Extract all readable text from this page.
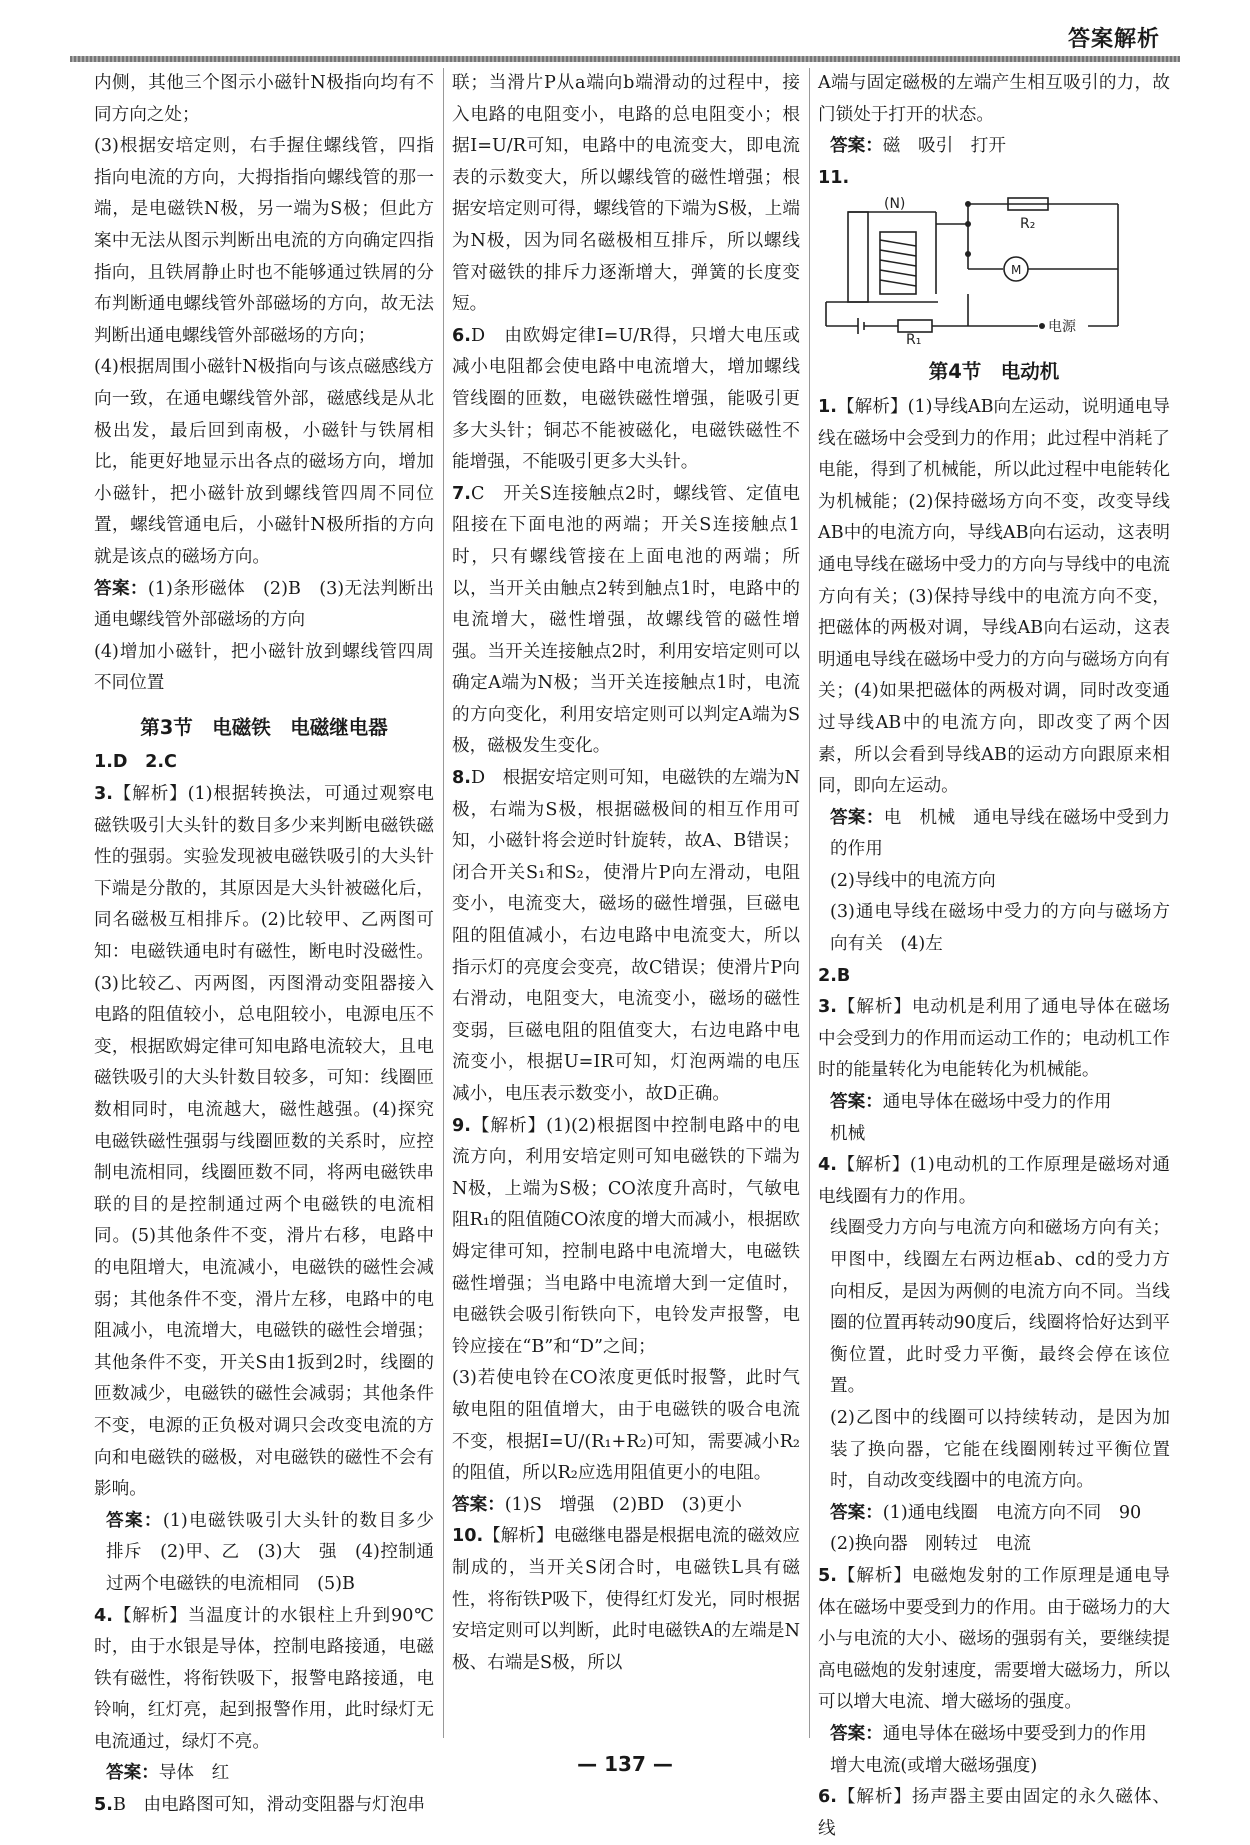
答案解析

内侧，其他三个图示小磁针N极指向均有不同方向之处；

(3)根据安培定则，右手握住螺线管，四指指向电流的方向，大拇指指向螺线管的那一端，是电磁铁N极，另一端为S极；但此方案中无法从图示判断出电流的方向确定四指指向，且铁屑静止时也不能够通过铁屑的分布判断通电螺线管外部磁场的方向，故无法判断出通电螺线管外部磁场的方向；

(4)根据周围小磁针N极指向与该点磁感线方向一致，在通电螺线管外部，磁感线是从北极出发，最后回到南极，小磁针与铁屑相比，能更好地显示出各点的磁场方向，增加小磁针，把小磁针放到螺线管四周不同位置，螺线管通电后，小磁针N极所指的方向就是该点的磁场方向。

答案：(1)条形磁体　(2)B　(3)无法判断出通电螺线管外部磁场的方向

(4)增加小磁针，把小磁针放到螺线管四周不同位置

第3节　电磁铁　电磁继电器

1.D　2.C

3.【解析】(1)根据转换法，可通过观察电磁铁吸引大头针的数目多少来判断电磁铁磁性的强弱。实验发现被电磁铁吸引的大头针下端是分散的，其原因是大头针被磁化后，同名磁极互相排斥。(2)比较甲、乙两图可知：电磁铁通电时有磁性，断电时没磁性。(3)比较乙、丙两图，丙图滑动变阻器接入电路的阻值较小，总电阻较小，电源电压不变，根据欧姆定律可知电路电流较大，且电磁铁吸引的大头针数目较多，可知：线圈匝数相同时，电流越大，磁性越强。(4)探究电磁铁磁性强弱与线圈匝数的关系时，应控制电流相同，线圈匝数不同，将两电磁铁串联的目的是控制通过两个电磁铁的电流相同。(5)其他条件不变，滑片右移，电路中的电阻增大，电流减小，电磁铁的磁性会减弱；其他条件不变，滑片左移，电路中的电阻减小，电流增大，电磁铁的磁性会增强；其他条件不变，开关S由1扳到2时，线圈的匝数减少，电磁铁的磁性会减弱；其他条件不变，电源的正负极对调只会改变电流的方向和电磁铁的磁极，对电磁铁的磁性不会有影响。

答案：(1)电磁铁吸引大头针的数目多少　排斥　(2)甲、乙　(3)大　强　(4)控制通过两个电磁铁的电流相同　(5)B

4.【解析】当温度计的水银柱上升到90℃时，由于水银是导体，控制电路接通，电磁铁有磁性，将衔铁吸下，报警电路接通，电铃响，红灯亮，起到报警作用，此时绿灯无电流通过，绿灯不亮。

答案：导体　红

5.B　由电路图可知，滑动变阻器与灯泡串

联；当滑片P从a端向b端滑动的过程中，接入电路的电阻变小，电路的总电阻变小；根据I=U/R可知，电路中的电流变大，即电流表的示数变大，所以螺线管的磁性增强；根据安培定则可得，螺线管的下端为S极，上端为N极，因为同名磁极相互排斥，所以螺线管对磁铁的排斥力逐渐增大，弹簧的长度变短。

6.D　由欧姆定律I=U/R得，只增大电压或减小电阻都会使电路中电流增大，增加螺线管线圈的匝数，电磁铁磁性增强，能吸引更多大头针；铜芯不能被磁化，电磁铁磁性不能增强，不能吸引更多大头针。

7.C　开关S连接触点2时，螺线管、定值电阻接在下面电池的两端；开关S连接触点1时，只有螺线管接在上面电池的两端；所以，当开关由触点2转到触点1时，电路中的电流增大，磁性增强，故螺线管的磁性增强。当开关连接触点2时，利用安培定则可以确定A端为N极；当开关连接触点1时，电流的方向变化，利用安培定则可以判定A端为S极，磁极发生变化。

8.D　根据安培定则可知，电磁铁的左端为N极，右端为S极，根据磁极间的相互作用可知，小磁针将会逆时针旋转，故A、B错误；闭合开关S₁和S₂，使滑片P向左滑动，电阻变小，电流变大，磁场的磁性增强，巨磁电阻的阻值减小，右边电路中电流变大，所以指示灯的亮度会变亮，故C错误；使滑片P向右滑动，电阻变大，电流变小，磁场的磁性变弱，巨磁电阻的阻值变大，右边电路中电流变小，根据U=IR可知，灯泡两端的电压减小，电压表示数变小，故D正确。

9.【解析】(1)(2)根据图中控制电路中的电流方向，利用安培定则可知电磁铁的下端为N极，上端为S极；CO浓度升高时，气敏电阻R₁的阻值随CO浓度的增大而减小，根据欧姆定律可知，控制电路中电流增大，电磁铁磁性增强；当电路中电流增大到一定值时，电磁铁会吸引衔铁向下，电铃发声报警，电铃应接在“B”和“D”之间；

(3)若使电铃在CO浓度更低时报警，此时气敏电阻的阻值增大，由于电磁铁的吸合电流不变，根据I=U/(R₁+R₂)可知，需要减小R₂的阻值，所以R₂应选用阻值更小的电阻。

答案：(1)S　增强　(2)BD　(3)更小

10.【解析】电磁继电器是根据电流的磁效应制成的，当开关S闭合时，电磁铁L具有磁性，将衔铁P吸下，使得红灯发光，同时根据安培定则可以判断，此时电磁铁A的左端是N极、右端是S极，所以

A端与固定磁极的左端产生相互吸引的力，故门锁处于打开的状态。

答案：磁　吸引　打开

11.

(N)
R₂
M
R₁
电源
第4节　电动机

1.【解析】(1)导线AB向左运动，说明通电导线在磁场中会受到力的作用；此过程中消耗了电能，得到了机械能，所以此过程中电能转化为机械能；(2)保持磁场方向不变，改变导线AB中的电流方向，导线AB向右运动，这表明通电导线在磁场中受力的方向与导线中的电流方向有关；(3)保持导线中的电流方向不变，把磁体的两极对调，导线AB向右运动，这表明通电导线在磁场中受力的方向与磁场方向有关；(4)如果把磁体的两极对调，同时改变通过导线AB中的电流方向，即改变了两个因素，所以会看到导线AB的运动方向跟原来相同，即向左运动。

答案：电　机械　通电导线在磁场中受到力的作用

(2)导线中的电流方向

(3)通电导线在磁场中受力的方向与磁场方向有关　(4)左

2.B

3.【解析】电动机是利用了通电导体在磁场中会受到力的作用而运动工作的；电动机工作时的能量转化为电能转化为机械能。

答案：通电导体在磁场中受力的作用

机械

4.【解析】(1)电动机的工作原理是磁场对通电线圈有力的作用。

线圈受力方向与电流方向和磁场方向有关；甲图中，线圈左右两边框ab、cd的受力方向相反，是因为两侧的电流方向不同。当线圈的位置再转动90度后，线圈将恰好达到平衡位置，此时受力平衡，最终会停在该位置。

(2)乙图中的线圈可以持续转动，是因为加装了换向器，它能在线圈刚转过平衡位置时，自动改变线圈中的电流方向。

答案：(1)通电线圈　电流方向不同　90

(2)换向器　刚转过　电流

5.【解析】电磁炮发射的工作原理是通电导体在磁场中要受到力的作用。由于磁场力的大小与电流的大小、磁场的强弱有关，要继续提高电磁炮的发射速度，需要增大磁场力，所以可以增大电流、增大磁场的强度。

答案：通电导体在磁场中要受到力的作用

增大电流(或增大磁场强度)

6.【解析】扬声器主要由固定的永久磁体、线

— 137 —
